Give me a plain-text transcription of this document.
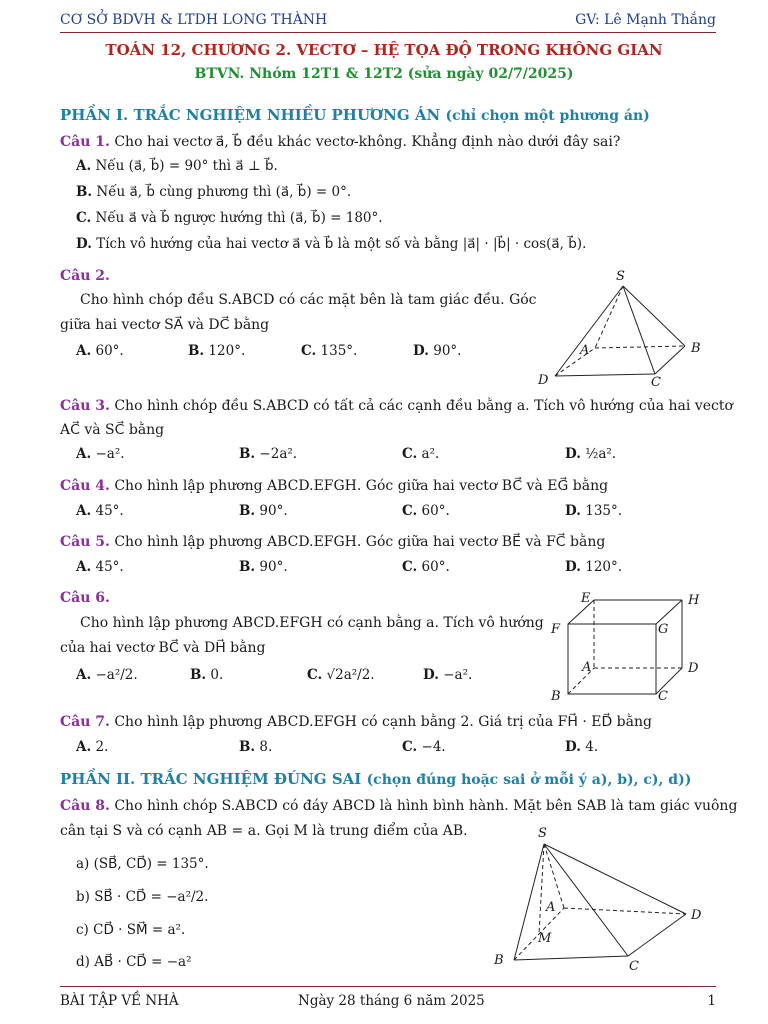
CƠ SỞ BDVH & LTDH LONG THÀNH	GV: Lê Mạnh Thắng
TOÁN 12, CHƯƠNG 2. VECTƠ – HỆ TỌA ĐỘ TRONG KHÔNG GIAN
BTVN. Nhóm 12T1 & 12T2 (sửa ngày 02/7/2025)
PHẦN I. TRẮC NGHIỆM NHIỀU PHƯƠNG ÁN (chỉ chọn một phương án)
Câu 1. Cho hai vectơ a⃗, b⃗ đều khác vectơ-không. Khẳng định nào dưới đây sai?
A. Nếu (a⃗, b⃗) = 90° thì a⃗ ⊥ b⃗.
B. Nếu a⃗, b⃗ cùng phương thì (a⃗, b⃗) = 0°.
C. Nếu a⃗ và b⃗ ngược hướng thì (a⃗, b⃗) = 180°.
D. Tích vô hướng của hai vectơ a⃗ và b⃗ là một số và bằng |a⃗| · |b⃗| · cos(a⃗, b⃗).
Câu 2.
Cho hình chóp đều S.ABCD có các mặt bên là tam giác đều. Góc
giữa hai vectơ SA⃗ và DC⃗ bằng
A. 60°.	B. 120°.	C. 135°.	D. 90°.
S
A	B
C
D
Câu 3. Cho hình chóp đều S.ABCD có tất cả các cạnh đều bằng a. Tích vô hướng của hai vectơ
AC⃗ và SC⃗ bằng
A. −a².	B. −2a².	C. a².	D. ½a².
Câu 4. Cho hình lập phương ABCD.EFGH. Góc giữa hai vectơ BC⃗ và EG⃗ bằng
A. 45°.	B. 90°.	C. 60°.	D. 135°.
Câu 5. Cho hình lập phương ABCD.EFGH. Góc giữa hai vectơ BE⃗ và FC⃗ bằng
A. 45°.	B. 90°.	C. 60°.	D. 120°.
Câu 6.
Cho hình lập phương ABCD.EFGH có cạnh bằng a. Tích vô hướng
của hai vectơ BC⃗ và DH⃗ bằng
A. −a²/2.	B. 0.	C. √2a²/2.	D. −a².
E	H
F	G
A	D
B	C
Câu 7. Cho hình lập phương ABCD.EFGH có cạnh bằng 2. Giá trị của FH⃗ · ED⃗ bằng
A. 2.	B. 8.	C. −4.	D. 4.
PHẦN II. TRẮC NGHIỆM ĐÚNG SAI (chọn đúng hoặc sai ở mỗi ý a), b), c), d))
Câu 8. Cho hình chóp S.ABCD có đáy ABCD là hình bình hành. Mặt bên SAB là tam giác vuông
cân tại S và có cạnh AB = a. Gọi M là trung điểm của AB.
a) (SB⃗, CD⃗) = 135°.
b) SB⃗ · CD⃗ = −a²/2.
c) CD⃗ · SM⃗ = a².
d) AB⃗ · CD⃗ = −a²
S
A
M
D
B	C
BÀI TẬP VỀ NHÀ	Ngày 28 tháng 6 năm 2025	1
